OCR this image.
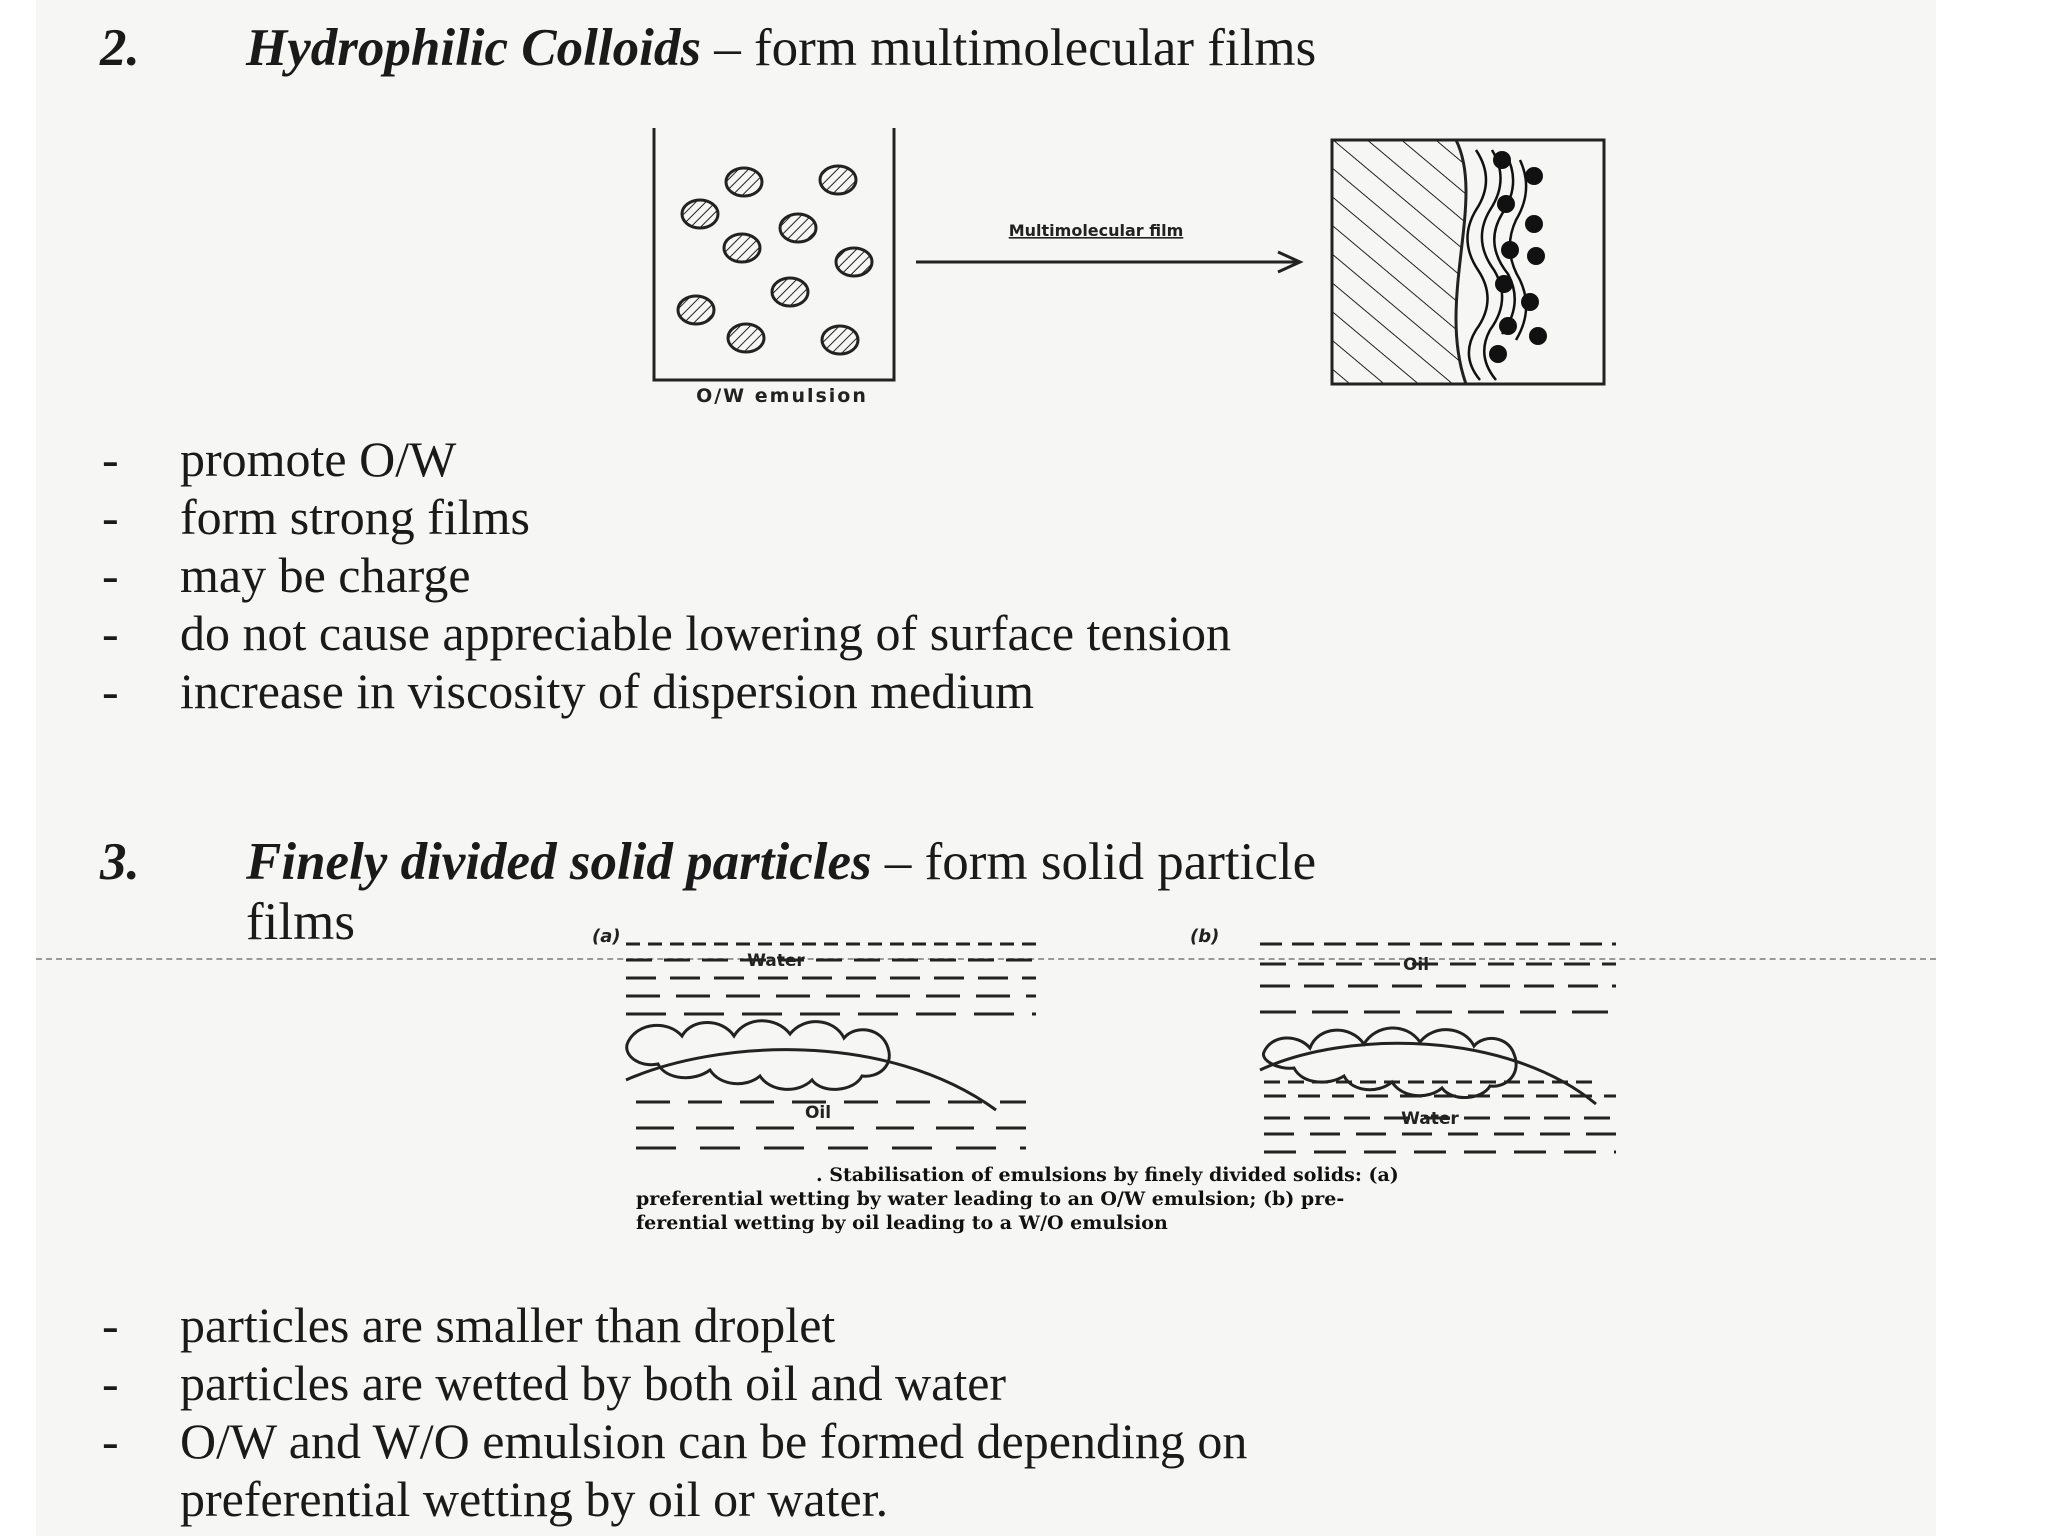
2. Hydrophilic Colloids – form multimolecular films
O/W emulsion
Multimolecular film
- promote O/W
- form strong films
- may be charge
- do not cause appreciable lowering of surface tension
- increase in viscosity of dispersion medium
3. Finely divided solid particles – form solid particle
films	(a)
Water
Oil
(b)
Oil
Water
. Stabilisation of emulsions by finely divided solids: (a)
preferential wetting by water leading to an O/W emulsion; (b) pre-
ferential wetting by oil leading to a W/O emulsion
- particles are smaller than droplet
- particles are wetted by both oil and water
- O/W and W/O emulsion can be formed depending on
preferential wetting by oil or water.
